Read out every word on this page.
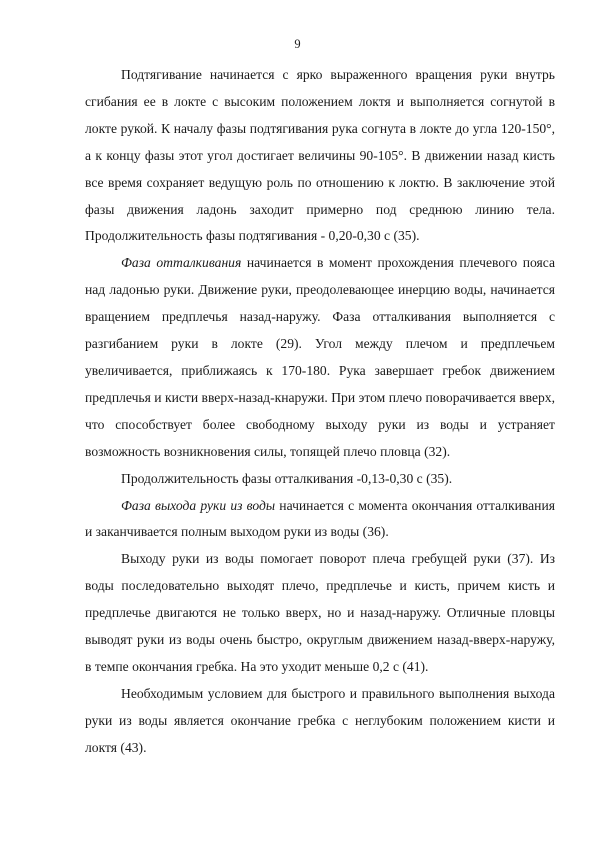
9

Подтягивание начинается с ярко выраженного вращения руки внутрь сгибания ее в локте с высоким положением локтя и выполняется согнутой в локте рукой. К началу фазы подтягивания рука согнута в локте до угла 120-150°, а к концу фазы этот угол достигает величины 90-105°. В движении назад кисть все время сохраняет ведущую роль по отношению к локтю. В заключение этой фазы движения ладонь заходит примерно под среднюю линию тела. Продолжительность фазы подтягивания - 0,20-0,30 с (35).

Фаза отталкивания начинается в момент прохождения плечевого пояса над ладонью руки. Движение руки, преодолевающее инерцию воды, начинается вращением предплечья назад-наружу. Фаза отталкивания выполняется с разгибанием руки в локте (29). Угол между плечом и предплечьем увеличивается, приближаясь к 170-180. Рука завершает гребок движением предплечья и кисти вверх-назад-кнаружи. При этом плечо поворачивается вверх, что способствует более свободному выходу руки из воды и устраняет возможность возникновения силы, топящей плечо пловца (32).

Продолжительность фазы отталкивания -0,13-0,30 с (35).

Фаза выхода руки из воды начинается с момента окончания отталкивания и заканчивается полным выходом руки из воды (36).

Выходу руки из воды помогает поворот плеча гребущей руки (37). Из воды последовательно выходят плечо, предплечье и кисть, причем кисть и предплечье двигаются не только вверх, но и назад-наружу. Отличные пловцы выводят руки из воды очень быстро, округлым движением назад-вверх-наружу, в темпе окончания гребка. На это уходит меньше 0,2 с (41).

Необходимым условием для быстрого и правильного выполнения выхода руки из воды является окончание гребка с неглубоким положением кисти и локтя (43).
